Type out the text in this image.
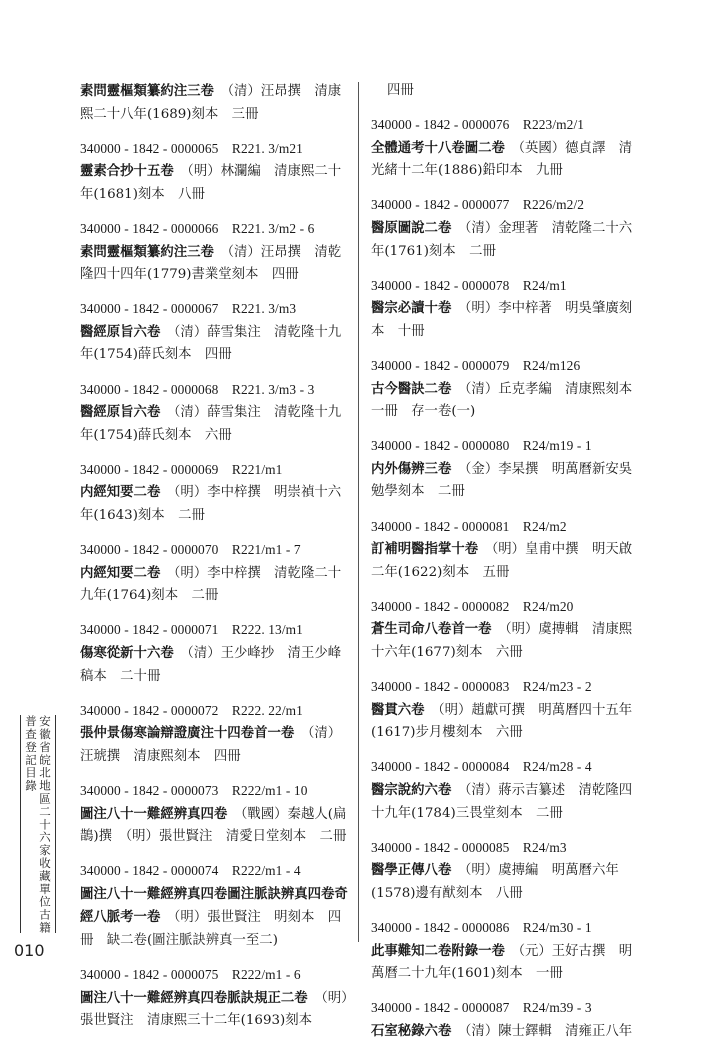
素問靈樞類纂約注三卷　 （清）汪昂撰　清康熙二十八年(1689)刻本　三冊
340000 - 1842 - 0000065　R221. 3/m21
靈素合抄十五卷　 （明）林瀾編　清康熙二十年(1681)刻本　八冊
340000 - 1842 - 0000066　R221. 3/m2 - 6
素問靈樞類纂約注三卷　 （清）汪昂撰　清乾隆四十四年(1779)書業堂刻本　四冊
340000 - 1842 - 0000067　R221. 3/m3
醫經原旨六卷　 （清）薛雪集注　清乾隆十九年(1754)薛氏刻本　四冊
340000 - 1842 - 0000068　R221. 3/m3 - 3
醫經原旨六卷　 （清）薛雪集注　清乾隆十九年(1754)薛氏刻本　六冊
340000 - 1842 - 0000069　R221/m1
内經知要二卷　 （明）李中梓撰　明崇禎十六年(1643)刻本　二冊
340000 - 1842 - 0000070　R221/m1 - 7
内經知要二卷　 （明）李中梓撰　清乾隆二十九年(1764)刻本　二冊
340000 - 1842 - 0000071　R222. 13/m1
傷寒從新十六卷　 （清）王少峰抄　清王少峰稿本　二十冊
340000 - 1842 - 0000072　R222. 22/m1
張仲景傷寒論辯證廣注十四卷首一卷　 （清）汪琥撰　清康熙刻本　四冊
340000 - 1842 - 0000073　R222/m1 - 10
圖注八十一難經辨真四卷　 （戰國）秦越人(扁鵲)撰　（明）張世賢注　清愛日堂刻本　二冊
340000 - 1842 - 0000074　R222/m1 - 4
圖注八十一難經辨真四卷圖注脈訣辨真四卷奇經八脈考一卷　 （明）張世賢注　明刻本　四冊　缺二卷(圖注脈訣辨真一至二)
340000 - 1842 - 0000075　R222/m1 - 6
圖注八十一難經辨真四卷脈訣規正二卷　 （明）張世賢注　清康熙三十二年(1693)刻本
四冊
340000 - 1842 - 0000076　R223/m2/1
全體通考十八卷圖二卷　 （英國）德貞譯　清光緒十二年(1886)鉛印本　九冊
340000 - 1842 - 0000077　R226/m2/2
醫原圖說二卷　 （清）金理著　清乾隆二十六年(1761)刻本　二冊
340000 - 1842 - 0000078　R24/m1
醫宗必讀十卷　 （明）李中梓著　明吳肇廣刻本　十冊
340000 - 1842 - 0000079　R24/m126
古今醫訣二卷　 （清）丘克孝編　清康熙刻本　一冊　存一卷(一)
340000 - 1842 - 0000080　R24/m19 - 1
内外傷辨三卷　 （金）李杲撰　明萬曆新安吳勉學刻本　二冊
340000 - 1842 - 0000081　R24/m2
訂補明醫指掌十卷　 （明）皇甫中撰　明天啟二年(1622)刻本　五冊
340000 - 1842 - 0000082　R24/m20
蒼生司命八卷首一卷　 （明）虞摶輯　清康熙十六年(1677)刻本　六冊
340000 - 1842 - 0000083　R24/m23 - 2
醫貫六卷　 （明）趙獻可撰　明萬曆四十五年(1617)步月樓刻本　六冊
340000 - 1842 - 0000084　R24/m28 - 4
醫宗說約六卷　 （清）蔣示吉纂述　清乾隆四十九年(1784)三畏堂刻本　二冊
340000 - 1842 - 0000085　R24/m3
醫學正傳八卷　 （明）虞摶編　明萬曆六年(1578)邊有猷刻本　八冊
340000 - 1842 - 0000086　R24/m30 - 1
此事難知二卷附錄一卷　 （元）王好古撰　明萬曆二十九年(1601)刻本　一冊
340000 - 1842 - 0000087　R24/m39 - 3
石室秘錄六卷　 （清）陳士鐸輯　清雍正八年
安徽省皖北地區二十六家收藏單位古籍普查登記目錄
010
